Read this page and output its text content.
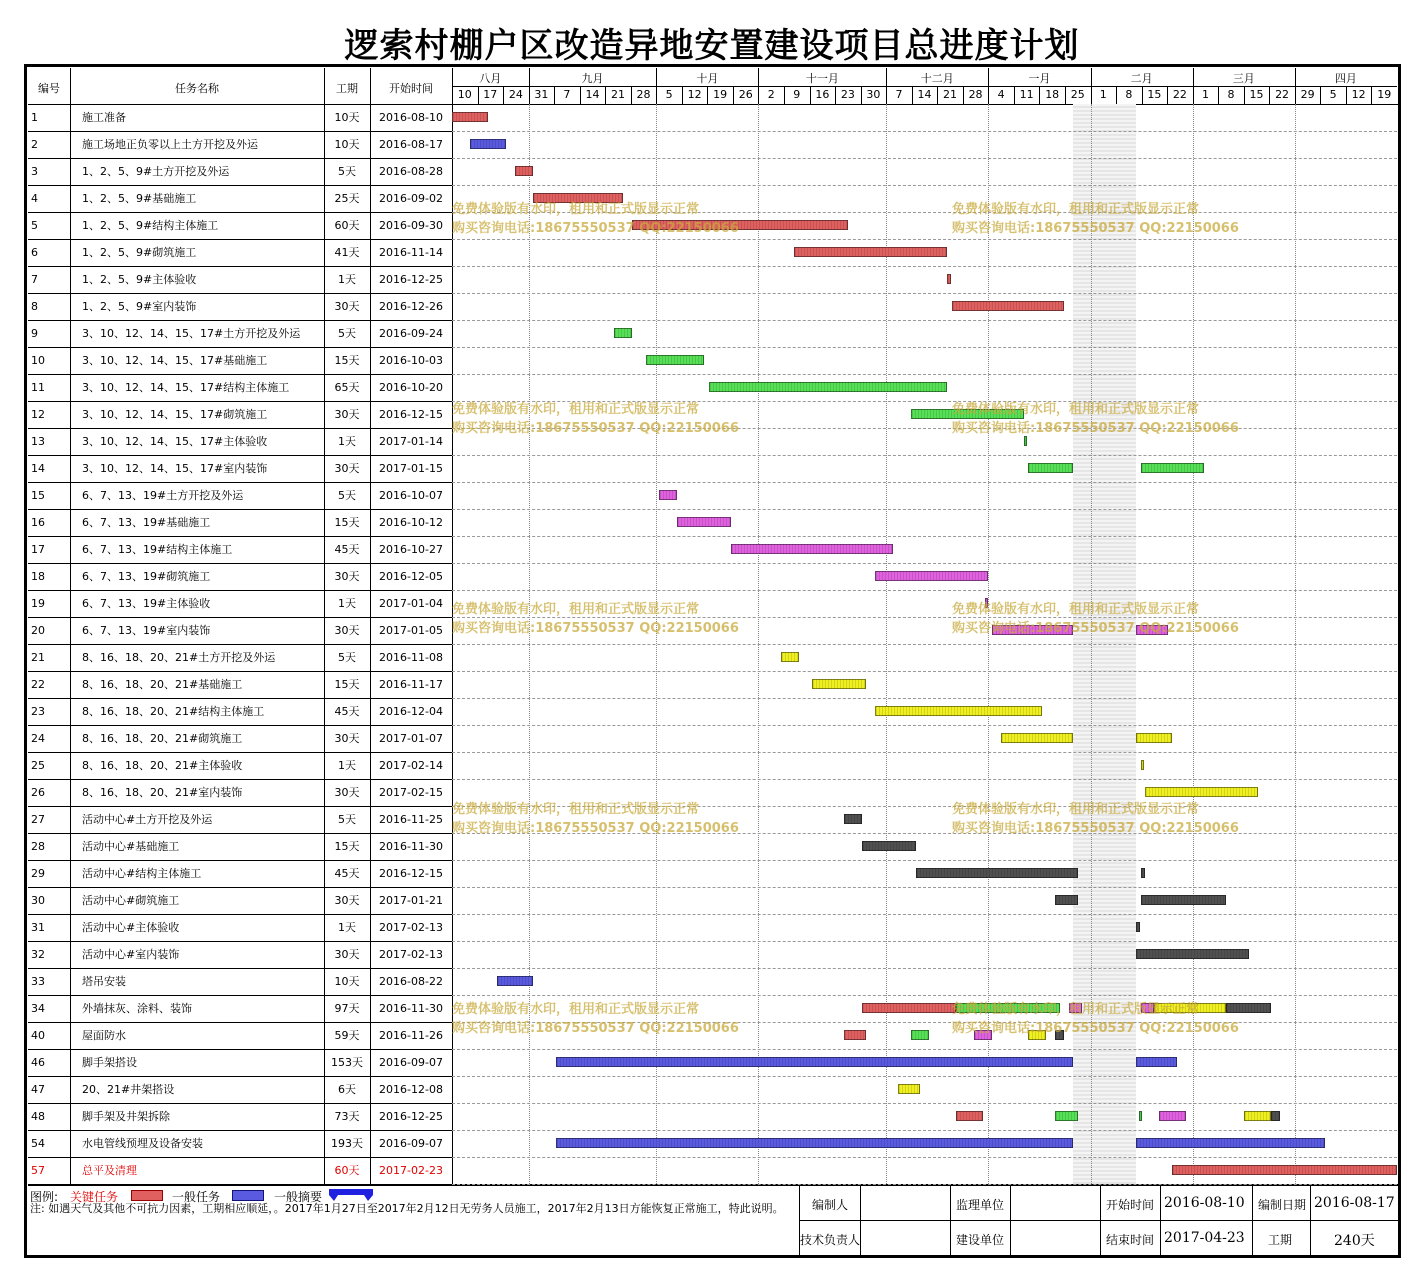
逻索村棚户区改造异地安置建设项目总进度计划
编号	任务名称	工期	开始时间
图例: 关键任务	一般任务	一般摘要
注: 如遇天气及其他不可抗力因素，工期相应顺延，。2017年1月27日至2017年2月12日无劳务人员施工，2017年2月13日方能恢复正常施工，特此说明。	编制人
技术负责人
监理单位
建设单位
开始时间 2016-08-10
结束时间 2017-04-23
编制日期 2016-08-17
工期	240天
八月	九月	十月	十一月	十二月	一月	二月	三月	四月
10	17	24	31	7	14	21	28	5	12	19	26	2	9	16	23	30	7	14	21	28	4	11	18	25	1	8	15	22	1	8	15	22	29	5	12	19
1	施工准备	10天	2016-08-10
2	施工场地正负零以上土方开挖及外运	10天	2016-08-17
3	1、2、5、9#土方开挖及外运	5天	2016-08-28
4	1、2、5、9#基础施工	25天	2016-09-02
5	1、2、5、9#结构主体施工	60天	2016-09-30
6	1、2、5、9#砌筑施工	41天	2016-11-14
7	1、2、5、9#主体验收	1天	2016-12-25
8	1、2、5、9#室内装饰	30天	2016-12-26
9	3、10、12、14、15、17#土方开挖及外运	5天	2016-09-24
10	3、10、12、14、15、17#基础施工	15天	2016-10-03
11	3、10、12、14、15、17#结构主体施工	65天	2016-10-20
12	3、10、12、14、15、17#砌筑施工	30天	2016-12-15
13	3、10、12、14、15、17#主体验收	1天	2017-01-14
14	3、10、12、14、15、17#室内装饰	30天	2017-01-15
15	6、7、13、19#土方开挖及外运	5天	2016-10-07
16	6、7、13、19#基础施工	15天	2016-10-12
17	6、7、13、19#结构主体施工	45天	2016-10-27
18	6、7、13、19#砌筑施工	30天	2016-12-05
19	6、7、13、19#主体验收	1天	2017-01-04
20	6、7、13、19#室内装饰	30天	2017-01-05
21	8、16、18、20、21#土方开挖及外运	5天	2016-11-08
22	8、16、18、20、21#基础施工	15天	2016-11-17
23	8、16、18、20、21#结构主体施工	45天	2016-12-04
24	8、16、18、20、21#砌筑施工	30天	2017-01-07
25	8、16、18、20、21#主体验收	1天	2017-02-14
26	8、16、18、20、21#室内装饰	30天	2017-02-15
27	活动中心#土方开挖及外运	5天	2016-11-25
28	活动中心#基础施工	15天	2016-11-30
29	活动中心#结构主体施工	45天	2016-12-15
30	活动中心#砌筑施工	30天	2017-01-21
31	活动中心#主体验收	1天	2017-02-13
32	活动中心#室内装饰	30天	2017-02-13
33	塔吊安装	10天	2016-08-22
34	外墙抹灰、涂料、装饰	97天	2016-11-30
40	屋面防水	59天	2016-11-26
46	脚手架搭设	153天	2016-09-07
47	20、21#井架搭设	6天	2016-12-08
48	脚手架及井架拆除	73天	2016-12-25
54	水电管线预埋及设备安装	193天	2016-09-07
57	总平及清理	60天	2017-02-23
免费体验版有水印，租用和正式版显示正常
购买咨询电话:18675550537 QQ:22150066
免费体验版有水印，租用和正式版显示正常
购买咨询电话:18675550537 QQ:22150066
免费体验版有水印，租用和正式版显示正常
购买咨询电话:18675550537 QQ:22150066
免费体验版有水印，租用和正式版显示正常
购买咨询电话:18675550537 QQ:22150066
免费体验版有水印，租用和正式版显示正常
购买咨询电话:18675550537 QQ:22150066
免费体验版有水印，租用和正式版显示正常
购买咨询电话:18675550537 QQ:22150066
免费体验版有水印，租用和正式版显示正常
购买咨询电话:18675550537 QQ:22150066
免费体验版有水印，租用和正式版显示正常
购买咨询电话:18675550537 QQ:22150066
免费体验版有水印，租用和正式版显示正常
购买咨询电话:18675550537 QQ:22150066
免费体验版有水印，租用和正式版显示正常
购买咨询电话:18675550537 QQ:22150066
